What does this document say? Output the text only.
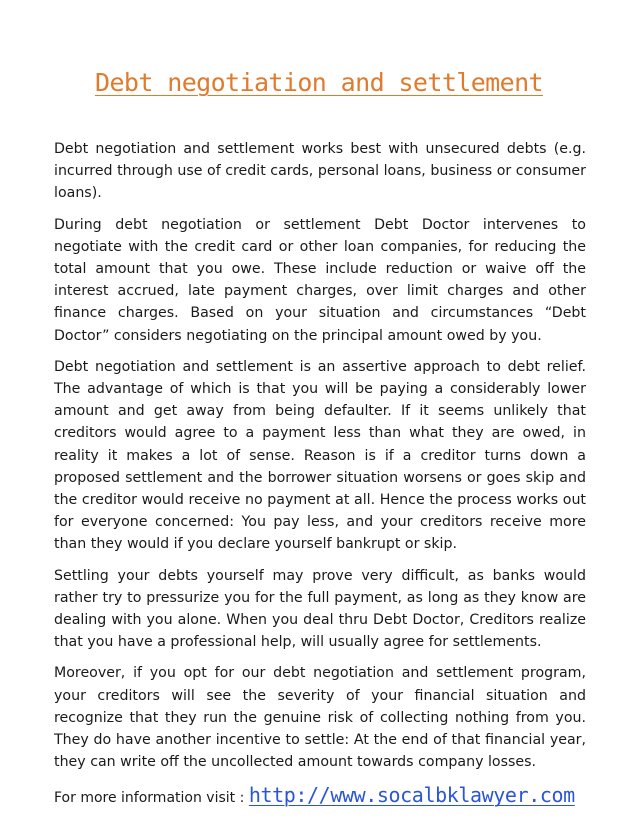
Debt negotiation and settlement

Debt negotiation and settlement works best with unsecured debts (e.g. incurred through use of credit cards, personal loans, business or consumer loans).

During debt negotiation or settlement Debt Doctor intervenes to negotiate with the credit card or other loan companies, for reducing the total amount that you owe. These include reduction or waive off the interest accrued, late payment charges, over limit charges and other finance charges. Based on your situation and circumstances “Debt Doctor” considers negotiating on the principal amount owed by you.

Debt negotiation and settlement is an assertive approach to debt relief. The advantage of which is that you will be paying a considerably lower amount and get away from being defaulter. If it seems unlikely that creditors would agree to a payment less than what they are owed, in reality it makes a lot of sense. Reason is if a creditor turns down a proposed settlement and the borrower situation worsens or goes skip and the creditor would receive no payment at all. Hence the process works out for everyone concerned: You pay less, and your creditors receive more than they would if you declare yourself bankrupt or skip.

Settling your debts yourself may prove very difficult, as banks would rather try to pressurize you for the full payment, as long as they know are dealing with you alone. When you deal thru Debt Doctor, Creditors realize that you have a professional help, will usually agree for settlements.

Moreover, if you opt for our debt negotiation and settlement program, your creditors will see the severity of your financial situation and recognize that they run the genuine risk of collecting nothing from you. They do have another incentive to settle: At the end of that financial year, they can write off the uncollected amount towards company losses.

For more information visit : http://www.socalbklawyer.com
